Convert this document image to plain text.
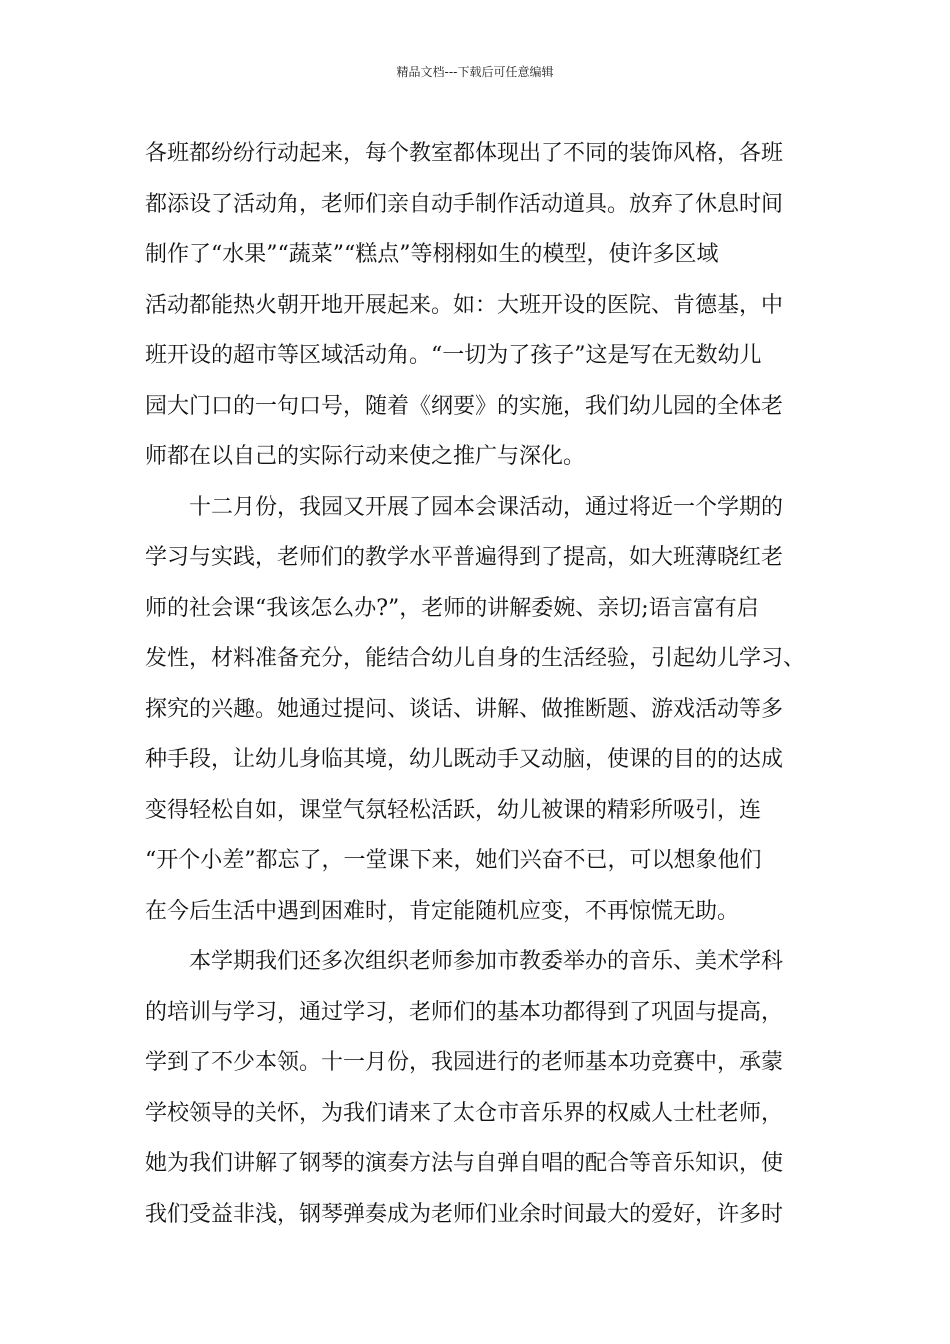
精品文档---下载后可任意编辑
各班都纷纷行动起来，每个教室都体现出了不同的装饰风格，各班
都添设了活动角，老师们亲自动手制作活动道具。放弃了休息时间
制作了“水果”“蔬菜”“糕点”等栩栩如生的模型，使许多区域
活动都能热火朝开地开展起来。如：大班开设的医院、肯德基，中
班开设的超市等区域活动角。“一切为了孩子”这是写在无数幼儿
园大门口的一句口号，随着《纲要》的实施，我们幼儿园的全体老
师都在以自己的实际行动来使之推广与深化。
十二月份，我园又开展了园本会课活动，通过将近一个学期的
学习与实践，老师们的教学水平普遍得到了提高，如大班薄晓红老
师的社会课“我该怎么办?”，老师的讲解委婉、亲切;语言富有启
发性，材料准备充分，能结合幼儿自身的生活经验，引起幼儿学习、
探究的兴趣。她通过提问、谈话、讲解、做推断题、游戏活动等多
种手段，让幼儿身临其境，幼儿既动手又动脑，使课的目的的达成
变得轻松自如，课堂气氛轻松活跃，幼儿被课的精彩所吸引，连
“开个小差”都忘了，一堂课下来，她们兴奋不已，可以想象他们
在今后生活中遇到困难时，肯定能随机应变，不再惊慌无助。
本学期我们还多次组织老师参加市教委举办的音乐、美术学科
的培训与学习，通过学习，老师们的基本功都得到了巩固与提高，
学到了不少本领。十一月份，我园进行的老师基本功竞赛中，承蒙
学校领导的关怀，为我们请来了太仓市音乐界的权威人士杜老师，
她为我们讲解了钢琴的演奏方法与自弹自唱的配合等音乐知识，使
我们受益非浅，钢琴弹奏成为老师们业余时间最大的爱好，许多时
